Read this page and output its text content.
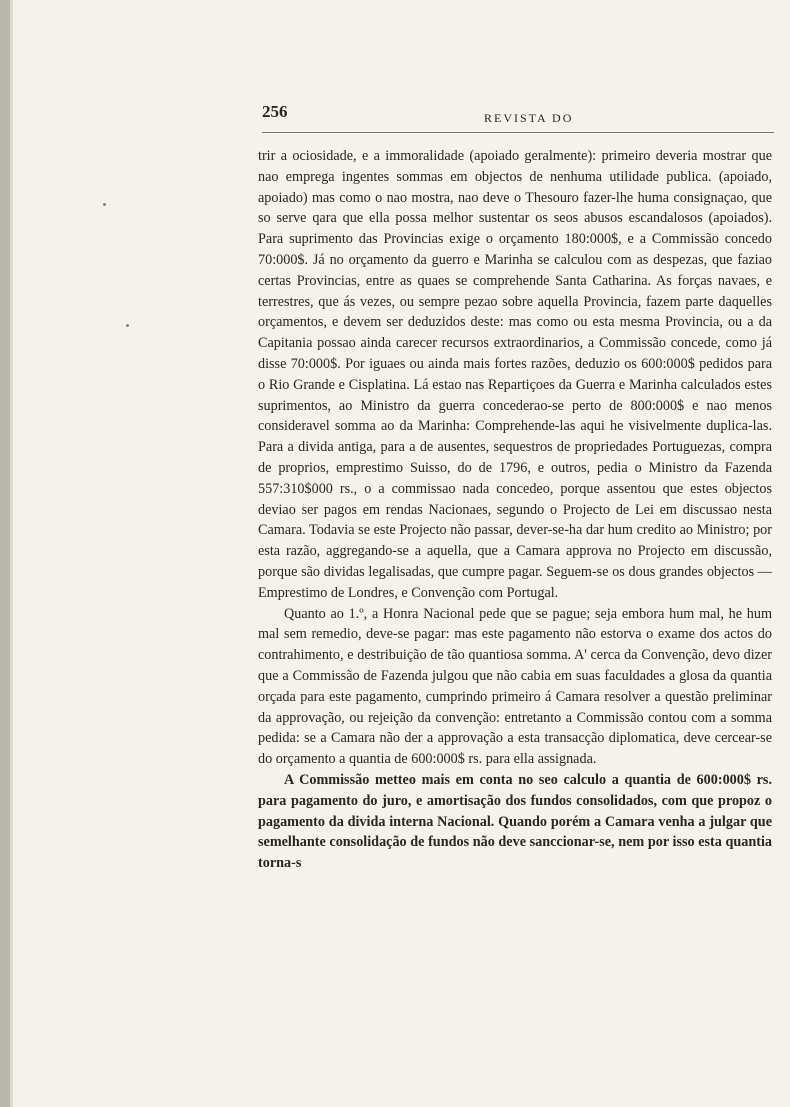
256	REVISTA DO

trir a ociosidade, e a immoralidade (apoiado geralmente): primeiro deveria mostrar que nao emprega ingentes sommas em objectos de nenhuma utilidade publica. (apoiado, apoiado) mas como o nao mostra, nao deve o Thesouro fazer-lhe huma consignaçao, que so serve qara que ella possa melhor sustentar os seos abusos escandalosos (apoiados). Para suprimento das Provincias exige o orçamento 180:000$, e a Commissão concedo 70:000$. Já no orçamento da guerro e Marinha se calculou com as despezas, que faziao certas Provincias, entre as quaes se comprehende Santa Catharina. As forças navaes, e terrestres, que ás vezes, ou sempre pezao sobre aquella Provincia, fazem parte daquelles orçamentos, e devem ser deduzidos deste: mas como ou esta mesma Provincia, ou a da Capitania possao ainda carecer recursos extraordinarios, a Commissão concede, como já disse 70:000$. Por iguaes ou ainda mais fortes razões, deduzio os 600:000$ pedidos para o Rio Grande e Cisplatina. Lá estao nas Repartiçoes da Guerra e Marinha calculados estes suprimentos, ao Ministro da guerra concederao-se perto de 800:000$ e nao menos consideravel somma ao da Marinha: Comprehende-las aqui he visivelmente duplica-las. Para a divida antiga, para a de ausentes, sequestros de propriedades Portuguezas, compra de proprios, emprestimo Suisso, do de 1796, e outros, pedia o Ministro da Fazenda 557:310$000 rs., o a commissao nada concedeo, porque assentou que estes objectos deviao ser pagos em rendas Nacionaes, segundo o Projecto de Lei em discussao nesta Camara. Todavia se este Projecto não passar, dever-se-ha dar hum credito ao Ministro; por esta razão, aggregando-se a aquella, que a Camara approva no Projecto em discussão, porque são dividas legalisadas, que cumpre pagar. Seguem-se os dous grandes objectos — Emprestimo de Londres, e Convenção com Portugal.

Quanto ao 1.º, a Honra Nacional pede que se pague; seja embora hum mal, he hum mal sem remedio, deve-se pagar: mas este pagamento não estorva o exame dos actos do contrahimento, e destribuição de tão quantiosa somma. A' cerca da Convenção, devo dizer que a Commissão de Fazenda julgou que não cabia em suas faculdades a glosa da quantia orçada para este pagamento, cumprindo primeiro á Camara resolver a questão preliminar da approvação, ou rejeição da convenção: entretanto a Commissão contou com a somma pedida: se a Camara não der a approvação a esta transacção diplomatica, deve cercear-se do orçamento a quantia de 600:000$ rs. para ella assignada.

A Commissão metteo mais em conta no seo calculo a quantia de 600:000$ rs. para pagamento do juro, e amortisação dos fundos consolidados, com que propoz o pagamento da divida interna Nacional. Quando porém a Camara venha a julgar que semelhante consolidação de fundos não deve sanccionar-se, nem por isso esta quantia torna-s
